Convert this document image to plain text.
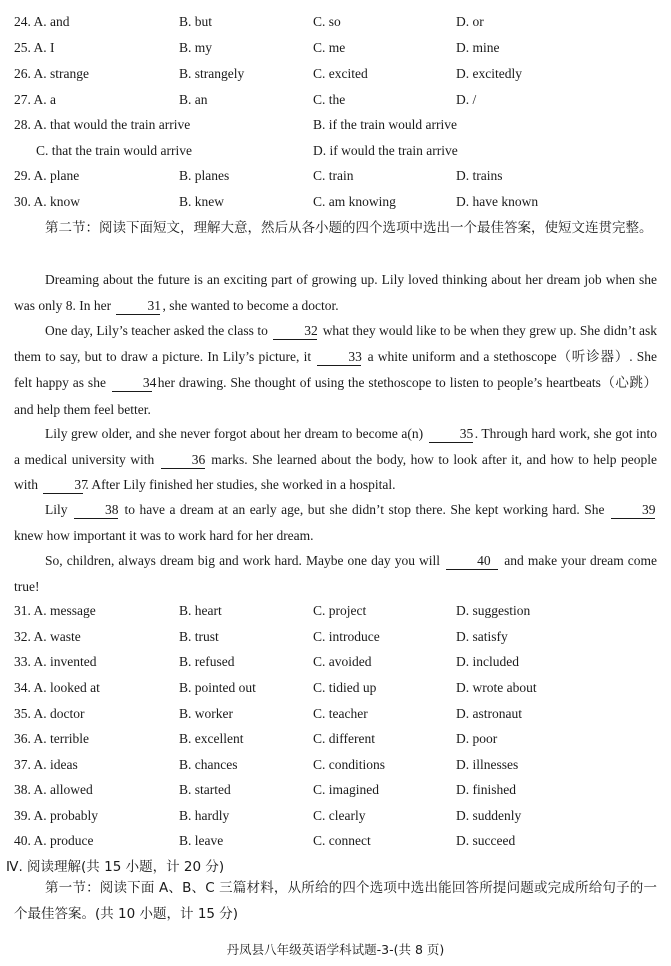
24. A. and	B. but	C. so	D. or
25. A. I	B. my	C. me	D. mine
26. A. strange	B. strangely	C. excited	D. excitedly
27. A. a	B. an	C. the	D. /
28. A. that would the train arrive	B. if the train would arrive
C. that the train would arrive	D. if would the train arrive
29. A. plane	B. planes	C. train	D. trains
30. A. know	B. knew	C. am knowing	D. have known
第二节：阅读下面短文，理解大意，然后从各小题的四个选项中选出一个最佳答案，使短文连贯完整。
Dreaming about the future is an exciting part of growing up. Lily loved thinking about her dream job when she was only 8. In her	31 , she wanted to become a doctor.
One day, Lily’s teacher asked the class to	32 what they would like to be when they grew up. She didn’t ask them to say, but to draw a picture. In Lily’s picture, it	33 a white uniform and a stethoscope（听诊器）. She felt happy as she	34 her drawing. She thought of using the stethoscope to listen to people’s heartbeats（心跳）and help them feel better.
Lily grew older, and she never forgot about her dream to become a(n)	35 . Through hard work, she got into a medical university with	36 marks. She learned about the body, how to look after it, and how to help people with	37. After Lily finished her studies, she worked in a hospital.
Lily	38 to have a dream at an early age, but she didn’t stop there. She kept working hard. She	39 knew how important it was to work hard for her dream.
So, children, always dream big and work hard. Maybe one day you will	40 and make your dream come true!
31. A. message	B. heart	C. project	D. suggestion
32. A. waste	B. trust	C. introduce	D. satisfy
33. A. invented	B. refused	C. avoided	D. included
34. A. looked at	B. pointed out	C. tidied up	D. wrote about
35. A. doctor	B. worker	C. teacher	D. astronaut
36. A. terrible	B. excellent	C. different	D. poor
37. A. ideas	B. chances	C. conditions	D. illnesses
38. A. allowed	B. started	C. imagined	D. finished
39. A. probably	B. hardly	C. clearly	D. suddenly
40. A. produce	B. leave	C. connect	D. succeed
Ⅳ. 阅读理解(共 15 小题，计 20 分)
第一节：阅读下面 A、B、C 三篇材料，从所给的四个选项中选出能回答所提问题或完成所给句子的一个最佳答案。(共 10 小题，计 15 分)
丹凤县八年级英语学科试题-3-(共 8 页)
